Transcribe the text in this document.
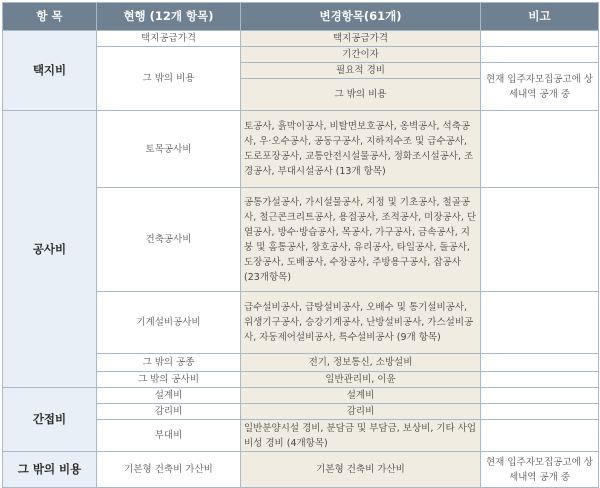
항 목	현행 (12개 항목)	변경항목(61개)	비고
택지비	택지공급가격	택지공급가격	
	그 밖의 비용	기간이자	
		필요적 경비	현재 입주자모집공고에 상세내역 공개 중
		그 밖의 비용	
공사비	토목공사비	토공사, 흙막이공사, 비탈면보호공사, 옹벽공사, 석축공사, 우·오수공사, 공동구공사, 지하저수조 및 급수공사, 도로포장공사, 교통안전시설물공사, 정화조시설공사, 조경공사, 부대시설공사 (13개 항목)	
	건축공사비	공통가설공사, 가시설물공사, 지정 및 기초공사, 철골공사, 철근콘크리트공사, 용접공사, 조적공사, 미장공사, 단열공사, 방수·방습공사, 목공사, 가구공사, 금속공사, 지붕 및 홈통공사, 창호공사, 유리공사, 타일공사, 돌공사, 도장공사, 도배공사, 수장공사, 주방용구공사, 잡공사 (23개항목)	
	기계설비공사비	급수설비공사, 급탕설비공사, 오배수 및 통기설비공사, 위생기구공사, 승강기계공사, 난방설비공사, 가스설비공사, 자동제어설비공사, 특수설비공사 (9개 항목)	
	그 밖의 공종	전기, 정보통신, 소방설비	
	그 밖의 공사비	일반관리비, 이윤	
간접비	설계비	설계비	
	감리비	감리비	
	부대비	일반분양시설 경비, 분담금 및 부담금, 보상비, 기타 사업비성 경비 (4개항목)	
그 밖의 비용	기본형 건축비 가산비	기본형 건축비 가산비	현재 입주자모집공고에 상세내역 공개 중
